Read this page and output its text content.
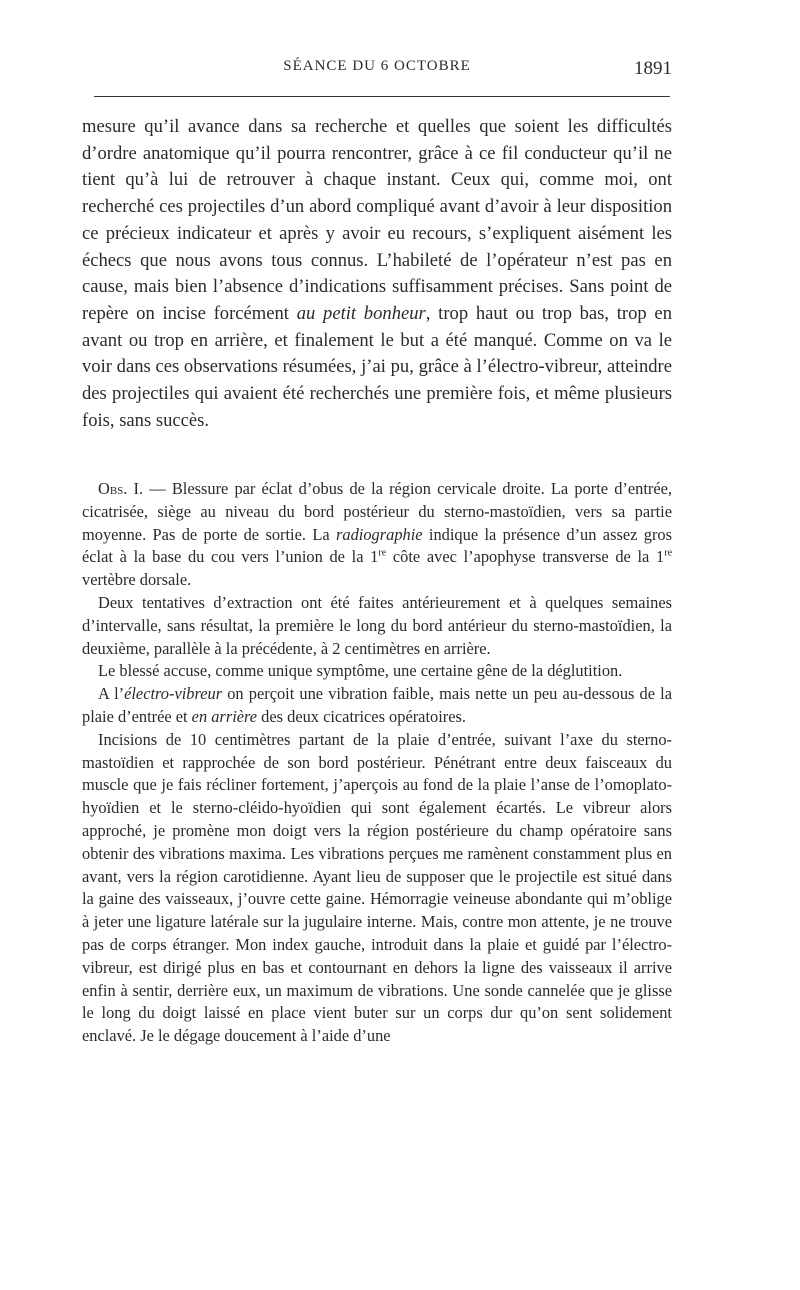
SÉANCE DU 6 OCTOBRE	1891

mesure qu’il avance dans sa recherche et quelles que soient les difficultés d’ordre anatomique qu’il pourra rencontrer, grâce à ce fil conducteur qu’il ne tient qu’à lui de retrouver à chaque instant. Ceux qui, comme moi, ont recherché ces projectiles d’un abord compliqué avant d’avoir à leur disposition ce précieux indicateur et après y avoir eu recours, s’expliquent aisément les échecs que nous avons tous connus. L’habileté de l’opérateur n’est pas en cause, mais bien l’absence d’indications suffisamment précises. Sans point de repère on incise forcément au petit bonheur, trop haut ou trop bas, trop en avant ou trop en arrière, et finalement le but a été manqué. Comme on va le voir dans ces observations résumées, j’ai pu, grâce à l’électro-vibreur, atteindre des projectiles qui avaient été recherchés une première fois, et même plusieurs fois, sans succès.

Obs. I. — Blessure par éclat d’obus de la région cervicale droite. La porte d’entrée, cicatrisée, siège au niveau du bord postérieur du sterno-mastoïdien, vers sa partie moyenne. Pas de porte de sortie. La radiographie indique la présence d’un assez gros éclat à la base du cou vers l’union de la 1re côte avec l’apophyse transverse de la 1re vertèbre dorsale.

Deux tentatives d’extraction ont été faites antérieurement et à quelques semaines d’intervalle, sans résultat, la première le long du bord antérieur du sterno-mastoïdien, la deuxième, parallèle à la précédente, à 2 centimètres en arrière.

Le blessé accuse, comme unique symptôme, une certaine gêne de la déglutition.

A l’électro-vibreur on perçoit une vibration faible, mais nette un peu au-dessous de la plaie d’entrée et en arrière des deux cicatrices opératoires.

Incisions de 10 centimètres partant de la plaie d’entrée, suivant l’axe du sterno-mastoïdien et rapprochée de son bord postérieur. Pénétrant entre deux faisceaux du muscle que je fais récliner fortement, j’aperçois au fond de la plaie l’anse de l’omoplato-hyoïdien et le sterno-cléido-hyoïdien qui sont également écartés. Le vibreur alors approché, je promène mon doigt vers la région postérieure du champ opératoire sans obtenir des vibrations maxima. Les vibrations perçues me ramènent constamment plus en avant, vers la région carotidienne. Ayant lieu de supposer que le projectile est situé dans la gaine des vaisseaux, j’ouvre cette gaine. Hémorragie veineuse abondante qui m’oblige à jeter une ligature latérale sur la jugulaire interne. Mais, contre mon attente, je ne trouve pas de corps étranger. Mon index gauche, introduit dans la plaie et guidé par l’électro-vibreur, est dirigé plus en bas et contournant en dehors la ligne des vaisseaux il arrive enfin à sentir, derrière eux, un maximum de vibrations. Une sonde cannelée que je glisse le long du doigt laissé en place vient buter sur un corps dur qu’on sent solidement enclavé. Je le dégage doucement à l’aide d’une
